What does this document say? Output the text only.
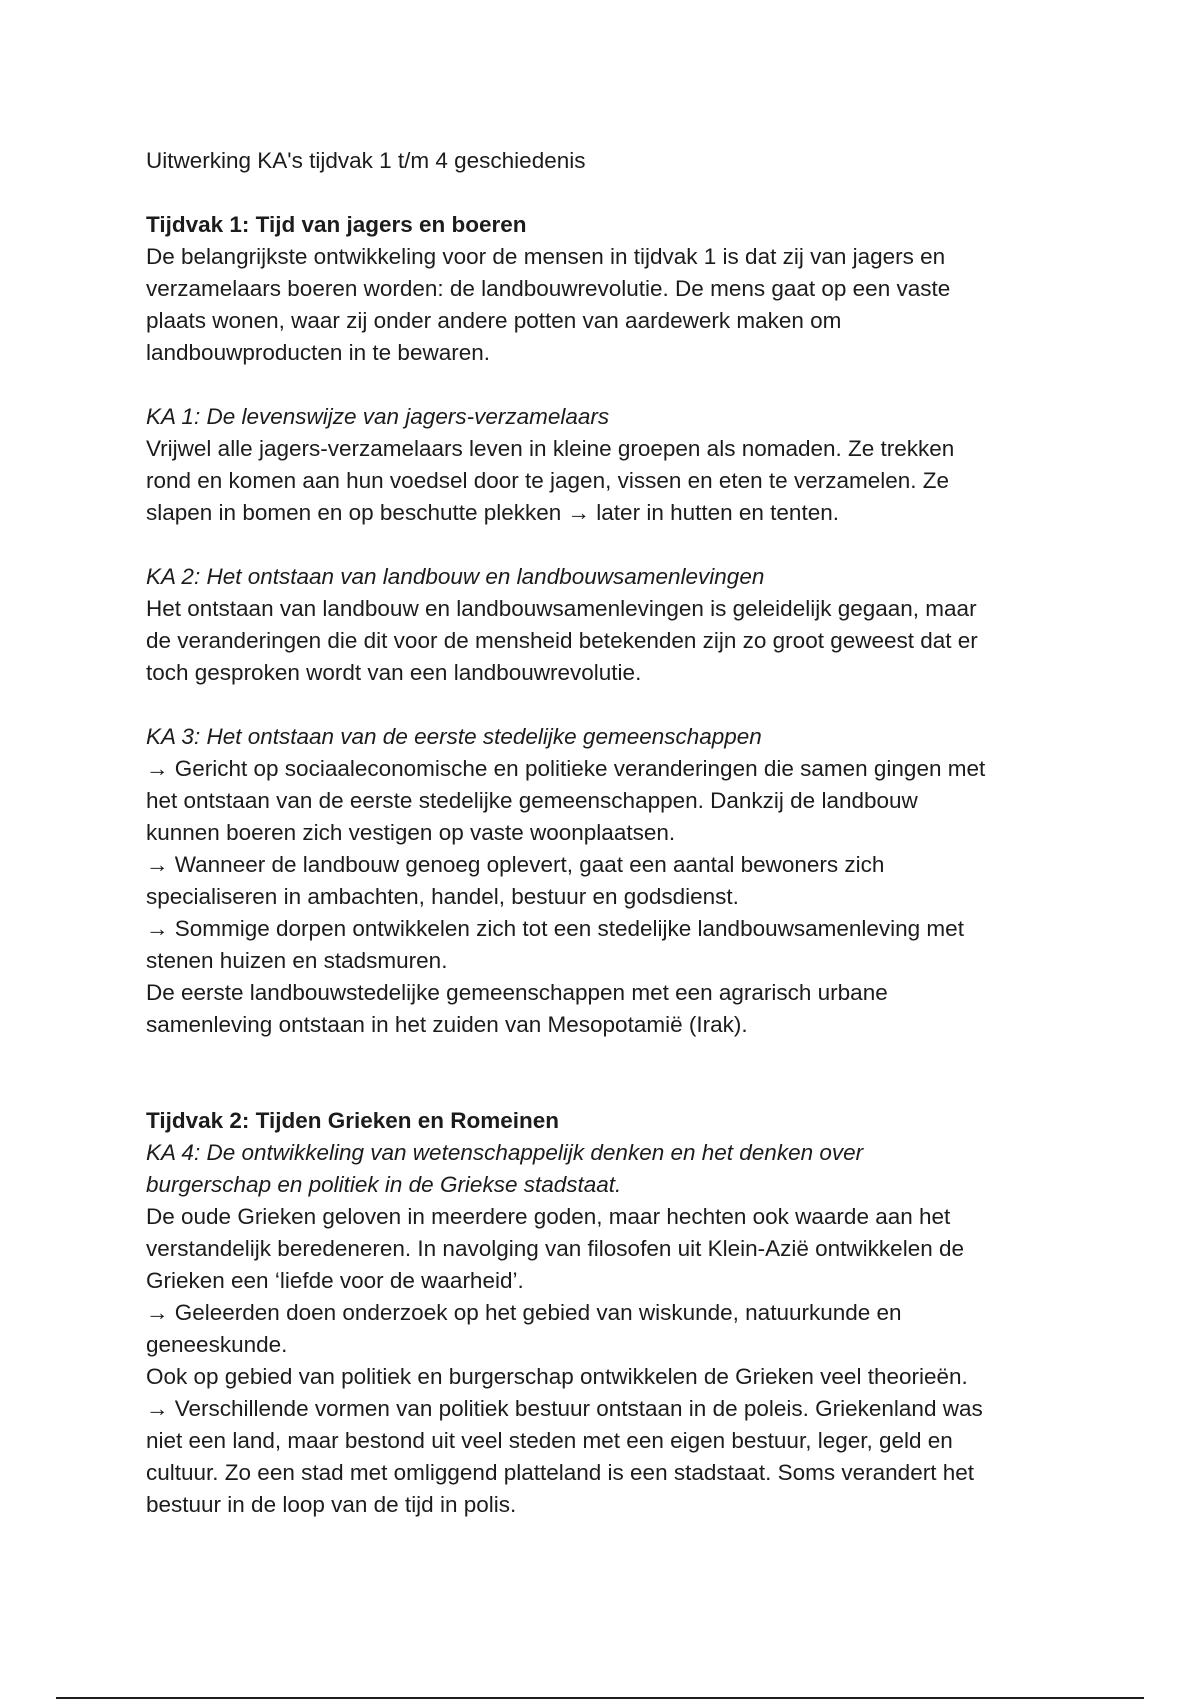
Uitwerking KA's tijdvak 1 t/m 4 geschiedenis
Tijdvak 1: Tijd van jagers en boeren
De belangrijkste ontwikkeling voor de mensen in tijdvak 1 is dat zij van jagers en
verzamelaars boeren worden: de landbouwrevolutie. De mens gaat op een vaste
plaats wonen, waar zij onder andere potten van aardewerk maken om
landbouwproducten in te bewaren.
KA 1: De levenswijze van jagers-verzamelaars
Vrijwel alle jagers-verzamelaars leven in kleine groepen als nomaden. Ze trekken
rond en komen aan hun voedsel door te jagen, vissen en eten te verzamelen. Ze
slapen in bomen en op beschutte plekken → later in hutten en tenten.
KA 2: Het ontstaan van landbouw en landbouwsamenlevingen
Het ontstaan van landbouw en landbouwsamenlevingen is geleidelijk gegaan, maar
de veranderingen die dit voor de mensheid betekenden zijn zo groot geweest dat er
toch gesproken wordt van een landbouwrevolutie.
KA 3: Het ontstaan van de eerste stedelijke gemeenschappen
→ Gericht op sociaaleconomische en politieke veranderingen die samen gingen met
het ontstaan van de eerste stedelijke gemeenschappen. Dankzij de landbouw
kunnen boeren zich vestigen op vaste woonplaatsen.
→ Wanneer de landbouw genoeg oplevert, gaat een aantal bewoners zich
specialiseren in ambachten, handel, bestuur en godsdienst.
→ Sommige dorpen ontwikkelen zich tot een stedelijke landbouwsamenleving met
stenen huizen en stadsmuren.
De eerste landbouwstedelijke gemeenschappen met een agrarisch urbane
samenleving ontstaan in het zuiden van Mesopotamië (Irak).
Tijdvak 2: Tijden Grieken en Romeinen
KA 4: De ontwikkeling van wetenschappelijk denken en het denken over
burgerschap en politiek in de Griekse stadstaat.
De oude Grieken geloven in meerdere goden, maar hechten ook waarde aan het
verstandelijk beredeneren. In navolging van filosofen uit Klein-Azië ontwikkelen de
Grieken een ‘liefde voor de waarheid’.
→ Geleerden doen onderzoek op het gebied van wiskunde, natuurkunde en
geneeskunde.
Ook op gebied van politiek en burgerschap ontwikkelen de Grieken veel theorieën.
→ Verschillende vormen van politiek bestuur ontstaan in de poleis. Griekenland was
niet een land, maar bestond uit veel steden met een eigen bestuur, leger, geld en
cultuur. Zo een stad met omliggend platteland is een stadstaat. Soms verandert het
bestuur in de loop van de tijd in polis.
